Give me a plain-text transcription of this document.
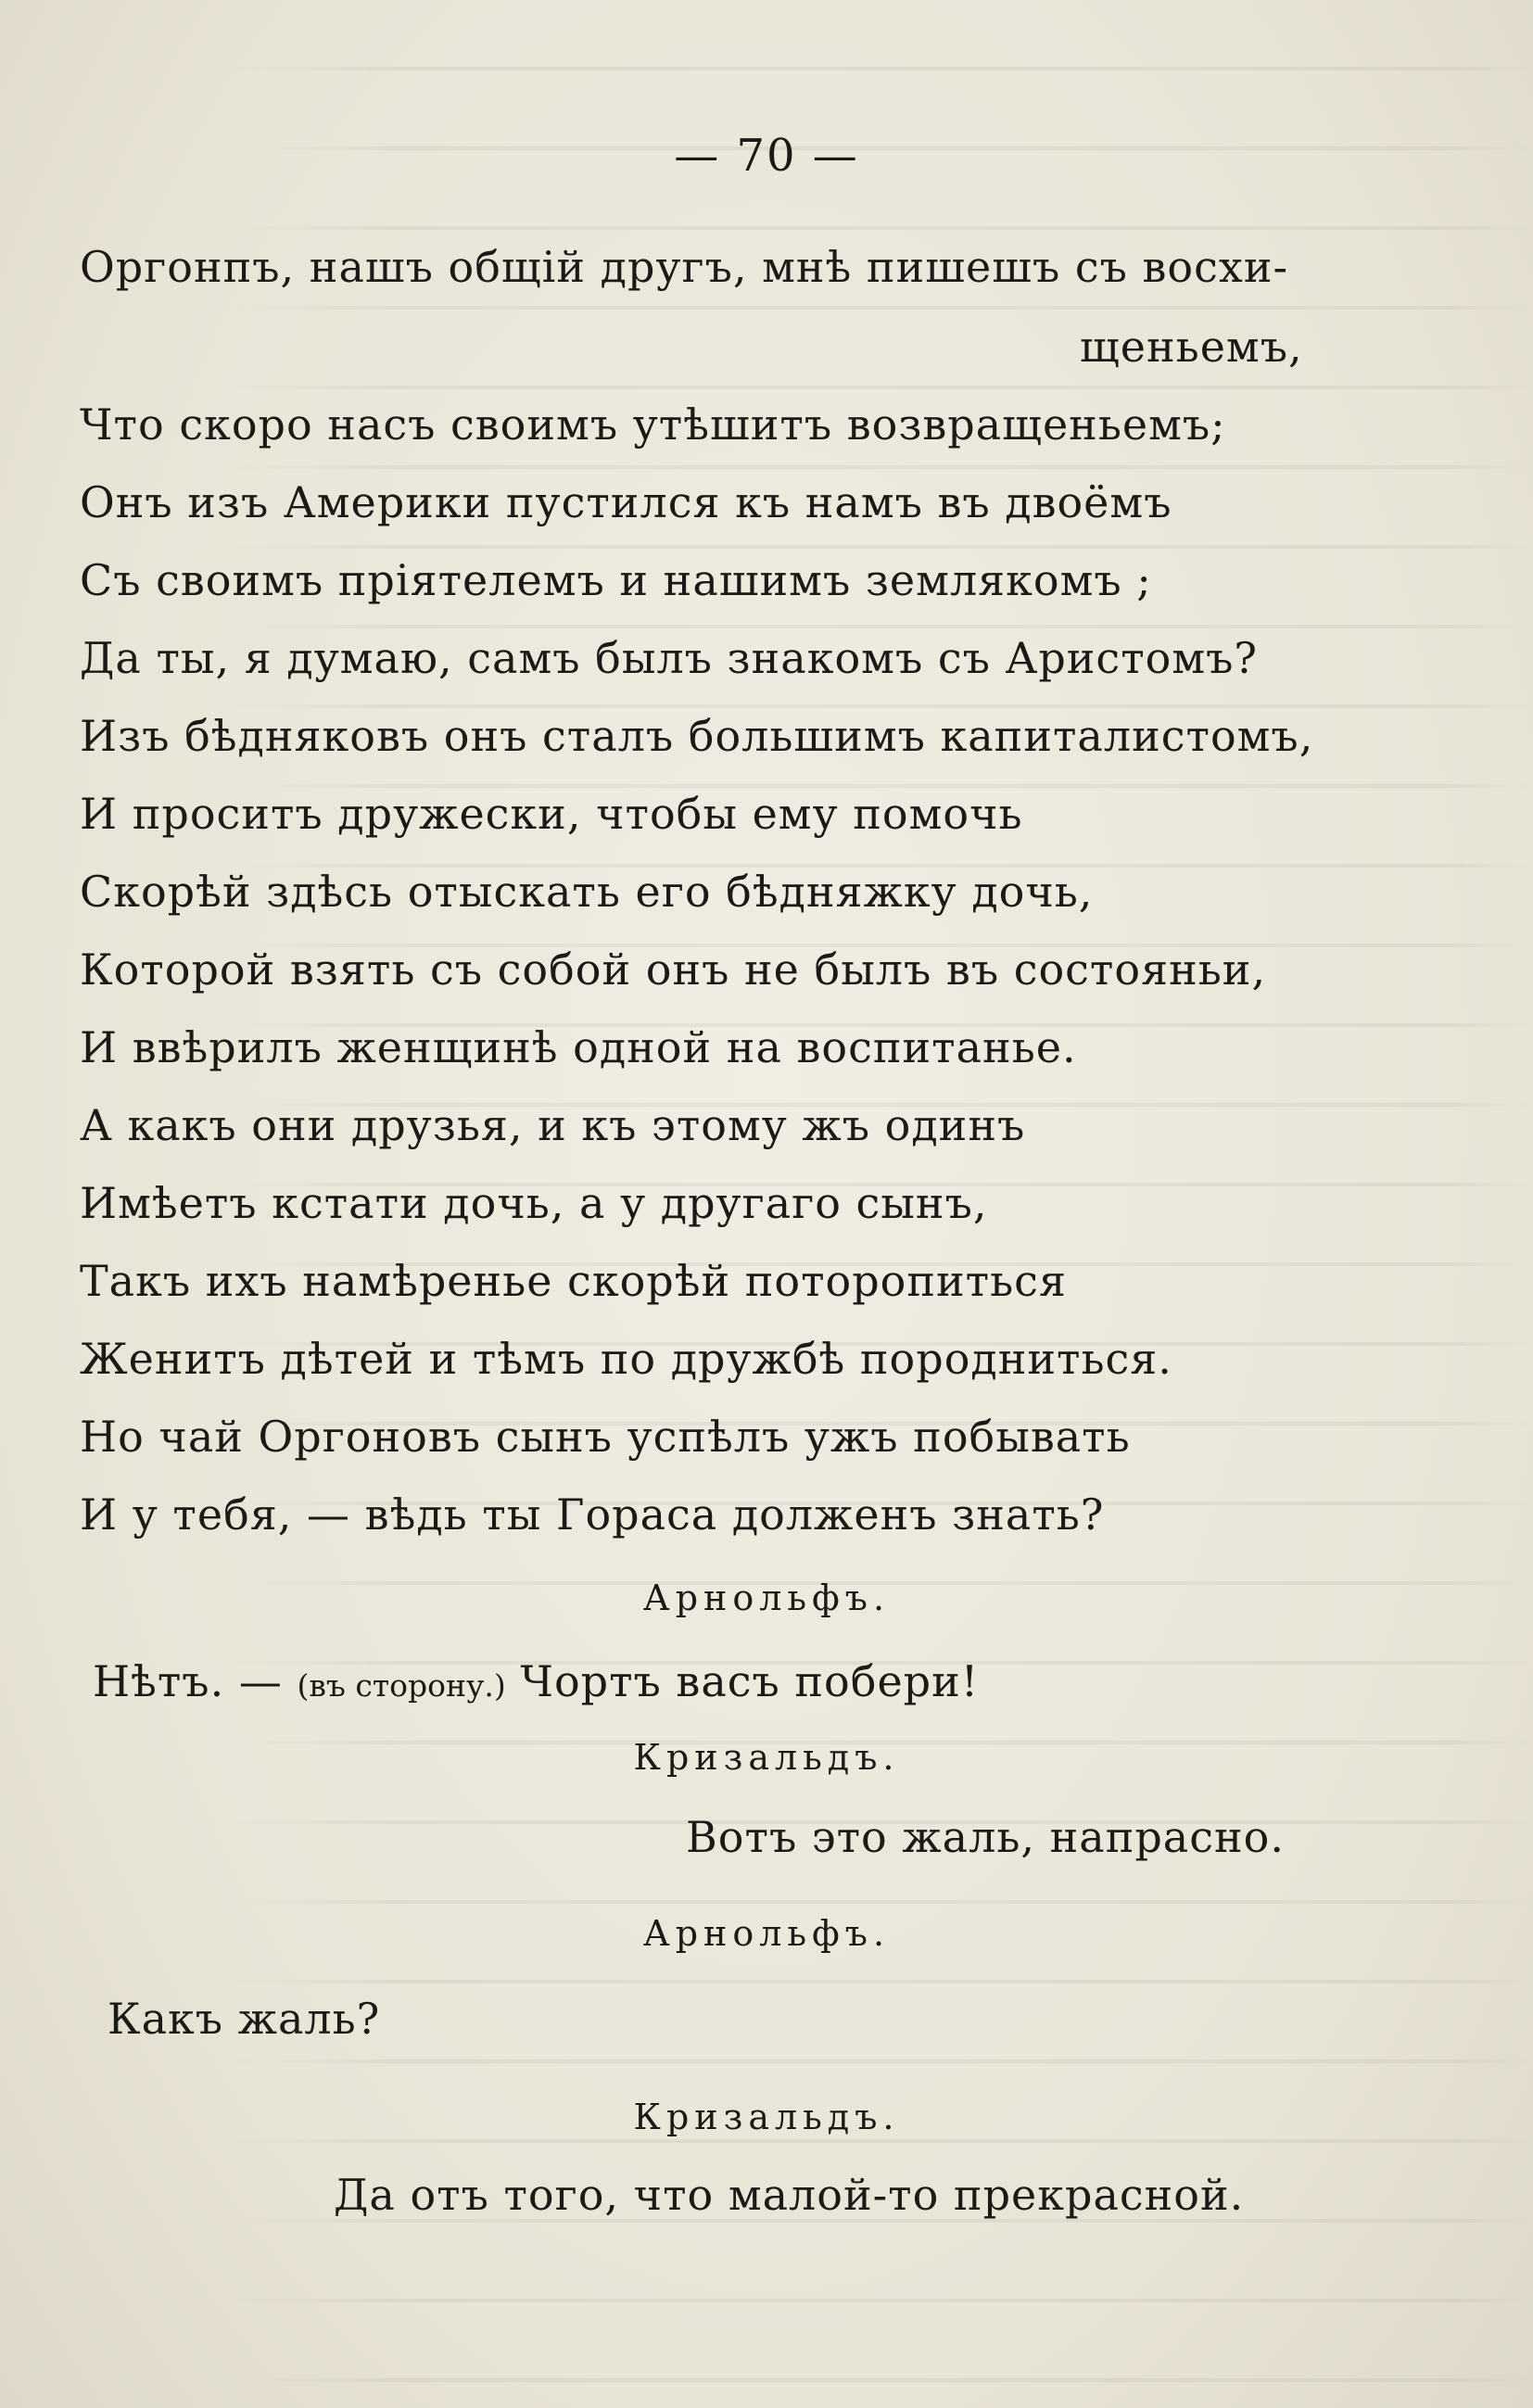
— 70 —
Оргонпъ, нашъ общій другъ, мнѣ пишешъ съ восхи-
щеньемъ,
Что скоро насъ своимъ утѣшитъ возвращеньемъ;
Онъ изъ Америки пустился къ намъ въ двоёмъ
Съ своимъ пріятелемъ и нашимъ землякомъ ;
Да ты, я думаю, самъ былъ знакомъ съ Аристомъ?
Изъ бѣдняковъ онъ сталъ большимъ капиталистомъ,
И проситъ дружески, чтобы ему помочь
Скорѣй здѣсь отыскать его бѣдняжку дочь,
Которой взять съ собой онъ не былъ въ состояньи,
И ввѣрилъ женщинѣ одной на воспитанье.
А какъ они друзья, и къ этому жъ одинъ
Имѣетъ кстати дочь, а у другаго сынъ,
Такъ ихъ намѣренье скорѣй поторопиться
Женитъ дѣтей и тѣмъ по дружбѣ породниться.
Но чай Оргоновъ сынъ успѣлъ ужъ побывать
И у тебя, — вѣдь ты Гораса долженъ знать?
Арнольфъ.
Нѣтъ. — (въ сторону.) Чортъ васъ побери!
Кризальдъ.
Вотъ это жаль, напрасно.
Арнольфъ.
Какъ жаль?
Кризальдъ.
Да отъ того, что малой-то прекрасной.
